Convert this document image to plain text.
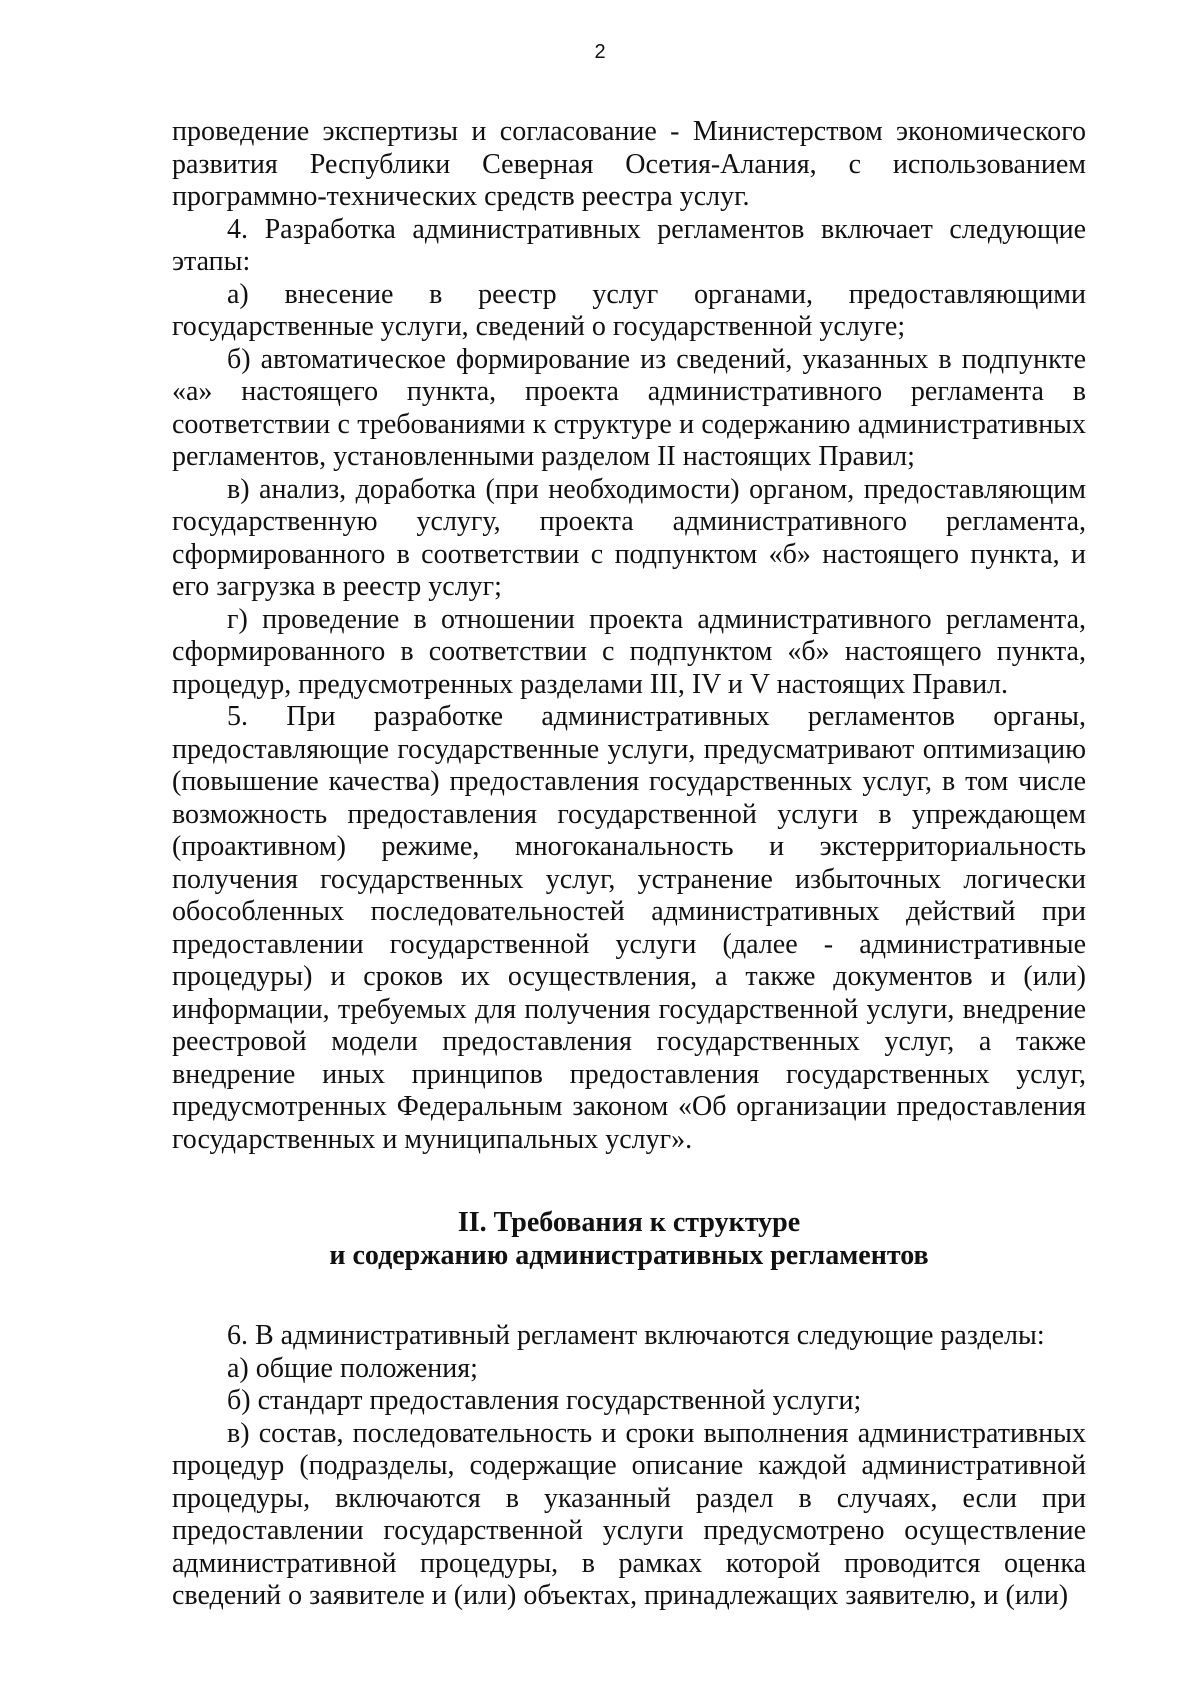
2

проведение экспертизы и согласование - Министерством экономического развития Республики Северная Осетия-Алания, с использованием программно-технических средств реестра услуг.

4. Разработка административных регламентов включает следующие этапы:

а) внесение в реестр услуг органами, предоставляющими государственные услуги, сведений о государственной услуге;

б) автоматическое формирование из сведений, указанных в подпункте «а» настоящего пункта, проекта административного регламента в соответствии с требованиями к структуре и содержанию административных регламентов, установленными разделом II настоящих Правил;

в) анализ, доработка (при необходимости) органом, предоставляющим государственную услугу, проекта административного регламента, сформированного в соответствии с подпунктом «б» настоящего пункта, и его загрузка в реестр услуг;

г) проведение в отношении проекта административного регламента, сформированного в соответствии с подпунктом «б» настоящего пункта, процедур, предусмотренных разделами III, IV и V настоящих Правил.

5. При разработке административных регламентов органы, предоставляющие государственные услуги, предусматривают оптимизацию (повышение качества) предоставления государственных услуг, в том числе возможность предоставления государственной услуги в упреждающем (проактивном) режиме, многоканальность и экстерриториальность получения государственных услуг, устранение избыточных логически обособленных последовательностей административных действий при предоставлении государственной услуги (далее - административные процедуры) и сроков их осуществления, а также документов и (или) информации, требуемых для получения государственной услуги, внедрение реестровой модели предоставления государственных услуг, а также внедрение иных принципов предоставления государственных услуг, предусмотренных Федеральным законом «Об организации предоставления государственных и муниципальных услуг».

II. Требования к структуре
и содержанию административных регламентов

6. В административный регламент включаются следующие разделы:

а) общие положения;

б) стандарт предоставления государственной услуги;

в) состав, последовательность и сроки выполнения административных процедур (подразделы, содержащие описание каждой административной процедуры, включаются в указанный раздел в случаях, если при предоставлении государственной услуги предусмотрено осуществление административной процедуры, в рамках которой проводится оценка сведений о заявителе и (или) объектах, принадлежащих заявителю, и (или)
